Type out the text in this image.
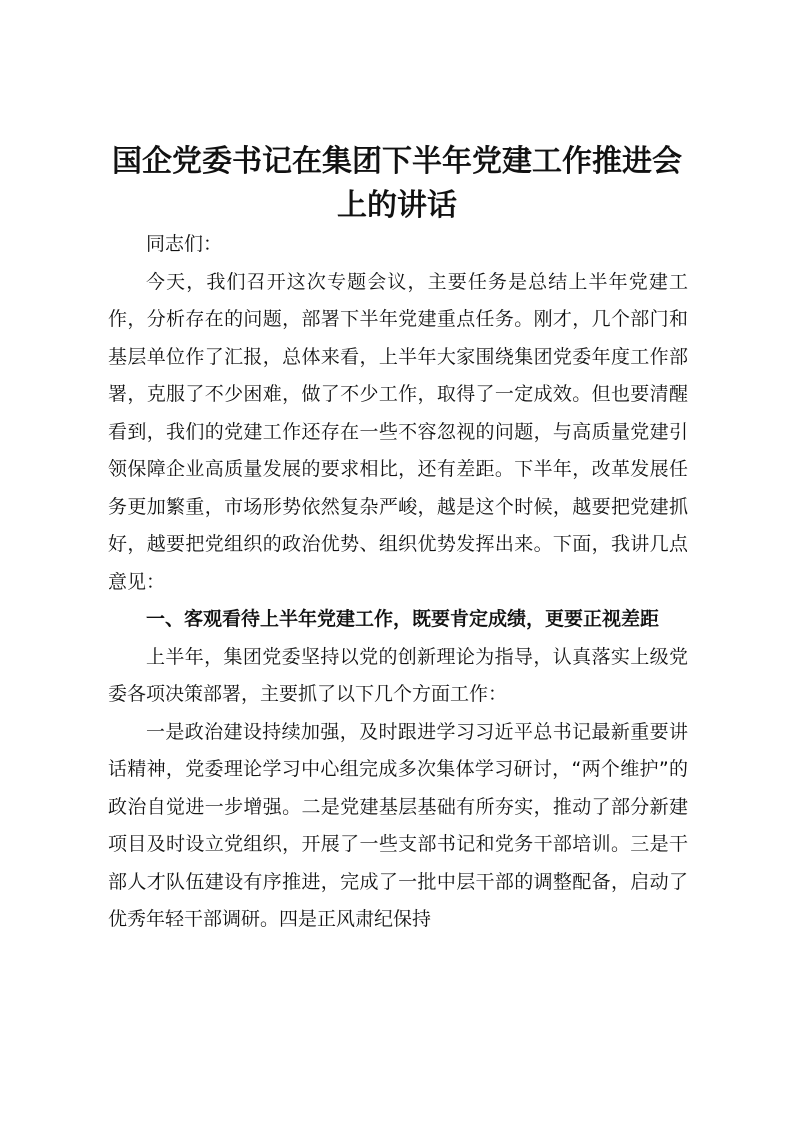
国企党委书记在集团下半年党建工作推进会上的讲话

同志们：

今天，我们召开这次专题会议，主要任务是总结上半年党建工作，分析存在的问题，部署下半年党建重点任务。刚才，几个部门和基层单位作了汇报，总体来看，上半年大家围绕集团党委年度工作部署，克服了不少困难，做了不少工作，取得了一定成效。但也要清醒看到，我们的党建工作还存在一些不容忽视的问题，与高质量党建引领保障企业高质量发展的要求相比，还有差距。下半年，改革发展任务更加繁重，市场形势依然复杂严峻，越是这个时候，越要把党建抓好，越要把党组织的政治优势、组织优势发挥出来。下面，我讲几点意见：

一、客观看待上半年党建工作，既要肯定成绩，更要正视差距

上半年，集团党委坚持以党的创新理论为指导，认真落实上级党委各项决策部署，主要抓了以下几个方面工作：

一是政治建设持续加强，及时跟进学习习近平总书记最新重要讲话精神，党委理论学习中心组完成多次集体学习研讨，“两个维护”的政治自觉进一步增强。二是党建基层基础有所夯实，推动了部分新建项目及时设立党组织，开展了一些支部书记和党务干部培训。三是干部人才队伍建设有序推进，完成了一批中层干部的调整配备，启动了优秀年轻干部调研。四是正风肃纪保持
